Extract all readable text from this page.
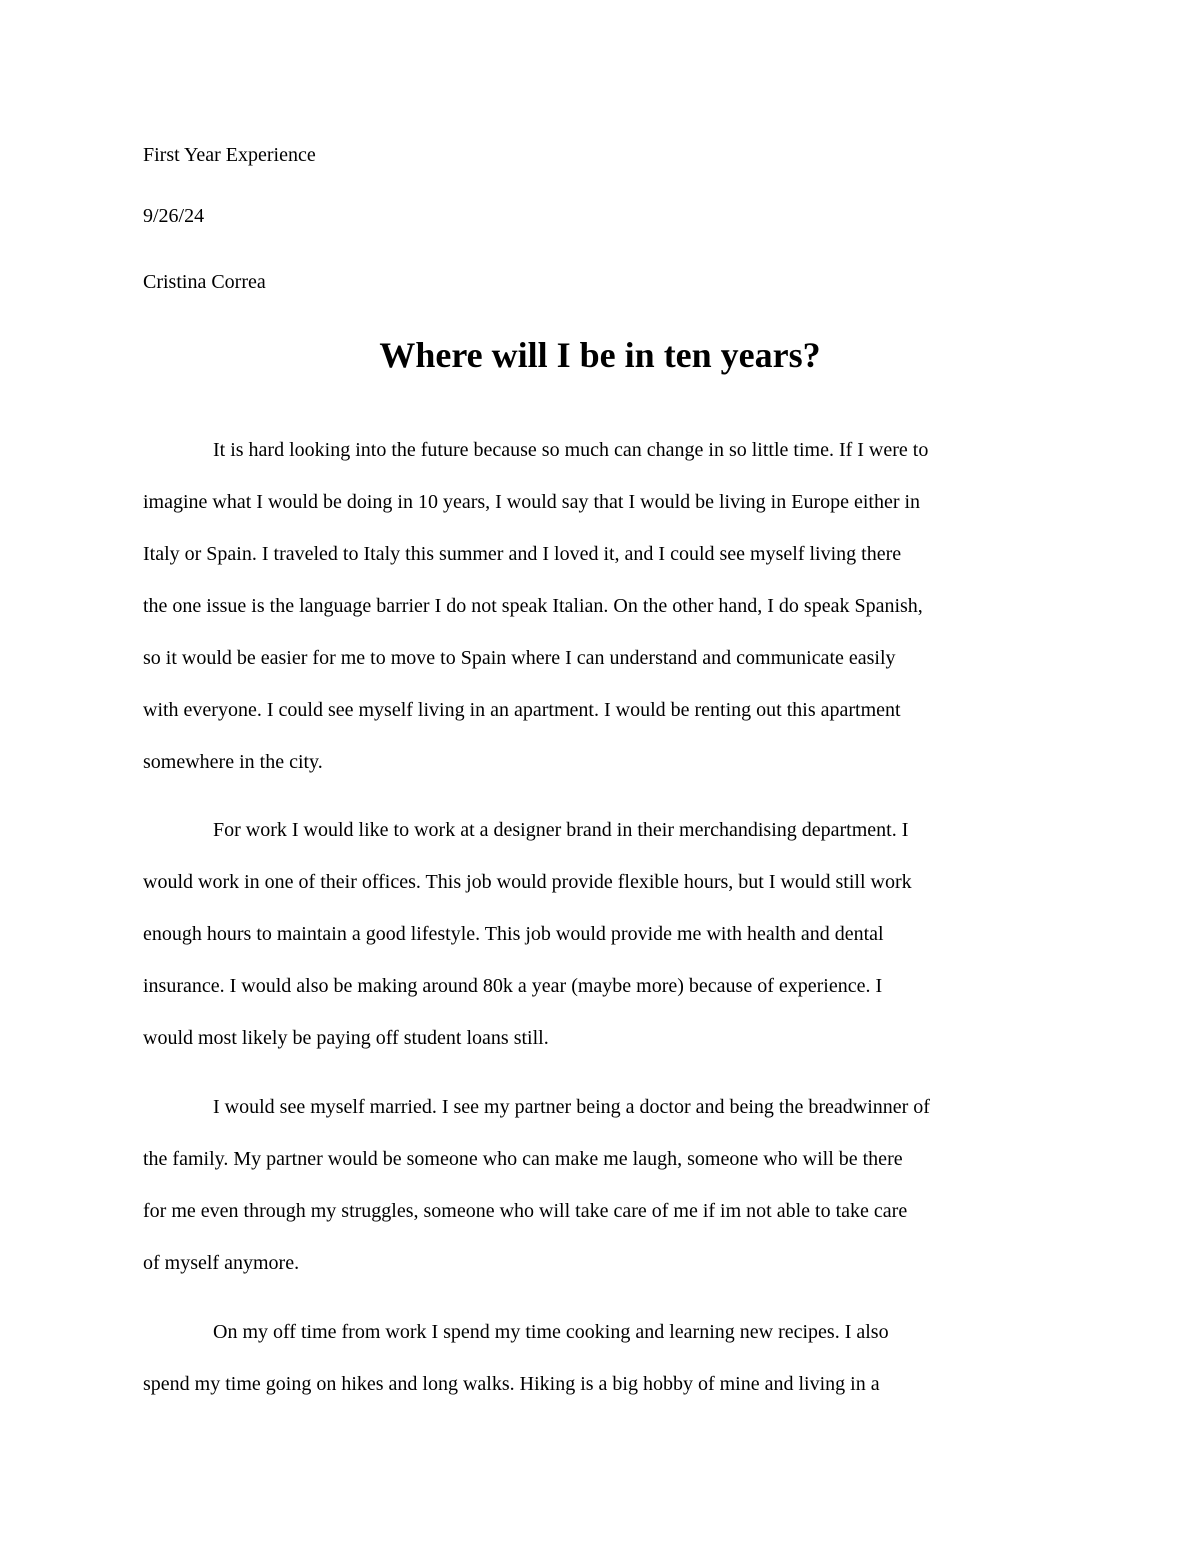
First Year Experience
9/26/24
Cristina Correa
Where will I be in ten years?
It is hard looking into the future because so much can change in so little time. If I were to
imagine what I would be doing in 10 years, I would say that I would be living in Europe either in
Italy or Spain. I traveled to Italy this summer and I loved it, and I could see myself living there
the one issue is the language barrier I do not speak Italian. On the other hand, I do speak Spanish,
so it would be easier for me to move to Spain where I can understand and communicate easily
with everyone. I could see myself living in an apartment. I would be renting out this apartment
somewhere in the city.
For work I would like to work at a designer brand in their merchandising department. I
would work in one of their offices. This job would provide flexible hours, but I would still work
enough hours to maintain a good lifestyle. This job would provide me with health and dental
insurance. I would also be making around 80k a year (maybe more) because of experience. I
would most likely be paying off student loans still.
I would see myself married. I see my partner being a doctor and being the breadwinner of
the family. My partner would be someone who can make me laugh, someone who will be there
for me even through my struggles, someone who will take care of me if im not able to take care
of myself anymore.
On my off time from work I spend my time cooking and learning new recipes. I also
spend my time going on hikes and long walks. Hiking is a big hobby of mine and living in a
